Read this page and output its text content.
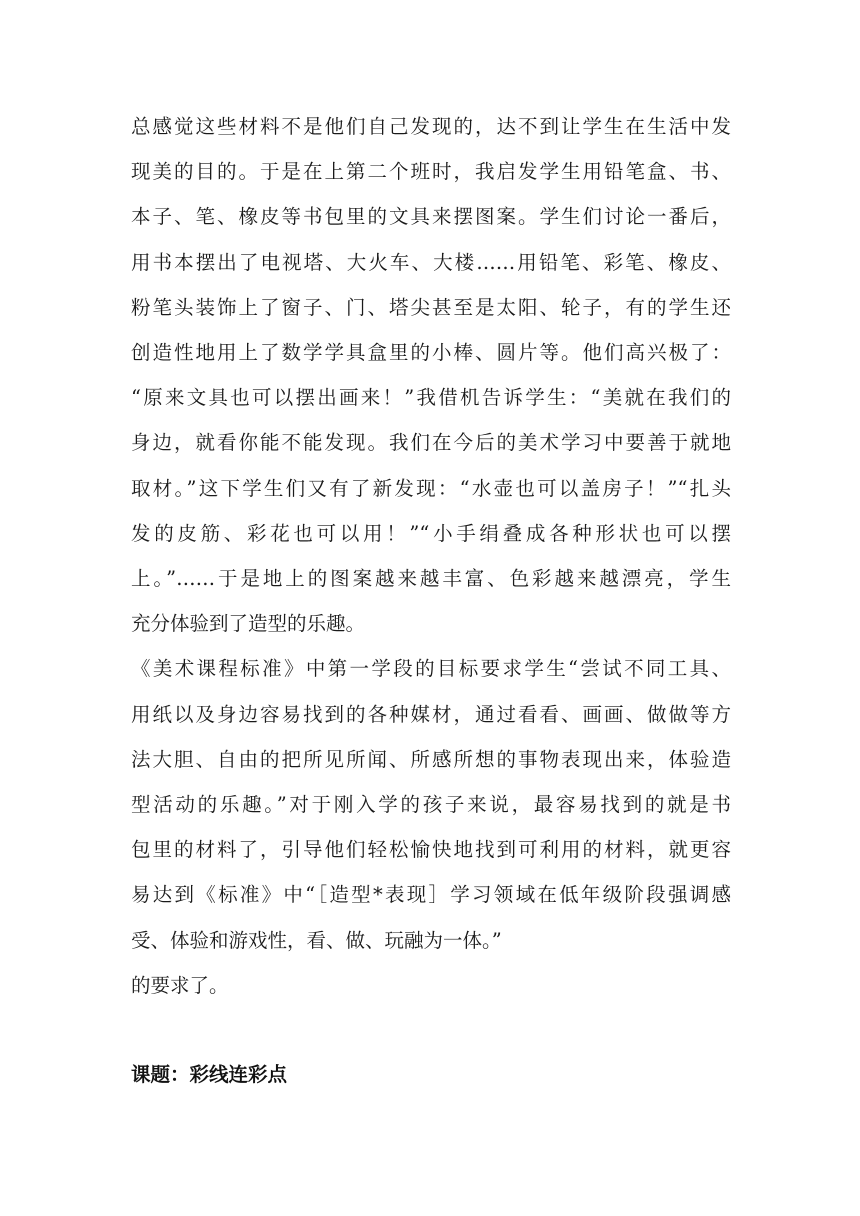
总感觉这些材料不是他们自己发现的，达不到让学生在生活中发
现美的目的。于是在上第二个班时，我启发学生用铅笔盒、书、
本子、笔、橡皮等书包里的文具来摆图案。学生们讨论一番后，
用书本摆出了电视塔、大火车、大楼……用铅笔、彩笔、橡皮、
粉笔头装饰上了窗子、门、塔尖甚至是太阳、轮子，有的学生还
创造性地用上了数学学具盒里的小棒、圆片等。他们高兴极了：
“原来文具也可以摆出画来！”我借机告诉学生：“美就在我们的
身边，就看你能不能发现。我们在今后的美术学习中要善于就地
取材。”这下学生们又有了新发现：“水壶也可以盖房子！”“扎头
发的皮筋、彩花也可以用！”“小手绢叠成各种形状也可以摆
上。”……于是地上的图案越来越丰富、色彩越来越漂亮，学生
充分体验到了造型的乐趣。

《美术课程标准》中第一学段的目标要求学生“尝试不同工具、
用纸以及身边容易找到的各种媒材，通过看看、画画、做做等方
法大胆、自由的把所见所闻、所感所想的事物表现出来，体验造
型活动的乐趣。”对于刚入学的孩子来说，最容易找到的就是书
包里的材料了，引导他们轻松愉快地找到可利用的材料，就更容
易达到《标准》中“［造型*表现］学习领域在低年级阶段强调感
受、体验和游戏性，看、做、玩融为一体。”

的要求了。

课题：彩线连彩点
